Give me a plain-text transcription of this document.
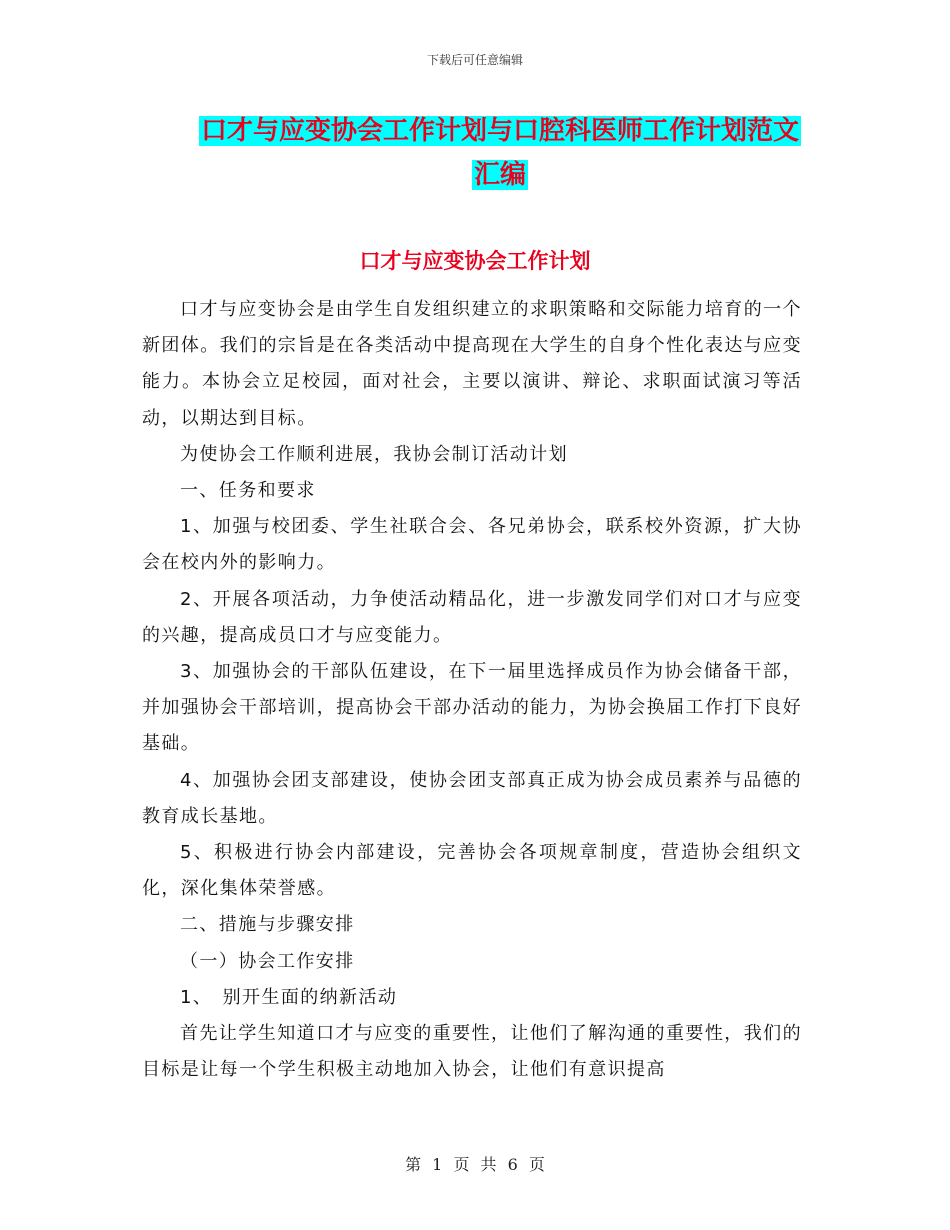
下载后可任意编辑
口才与应变协会工作计划与口腔科医师工作计划范文
汇编
口才与应变协会工作计划

口才与应变协会是由学生自发组织建立的求职策略和交际能力培育的一个新团体。我们的宗旨是在各类活动中提高现在大学生的自身个性化表达与应变能力。本协会立足校园，面对社会，主要以演讲、辩论、求职面试演习等活动，以期达到目标。

为使协会工作顺利进展，我协会制订活动计划

一、任务和要求

1、加强与校团委、学生社联合会、各兄弟协会，联系校外资源，扩大协会在校内外的影响力。

2、开展各项活动，力争使活动精品化，进一步激发同学们对口才与应变的兴趣，提高成员口才与应变能力。

3、加强协会的干部队伍建设，在下一届里选择成员作为协会储备干部，并加强协会干部培训，提高协会干部办活动的能力，为协会换届工作打下良好基础。

4、加强协会团支部建设，使协会团支部真正成为协会成员素养与品德的教育成长基地。

5、积极进行协会内部建设，完善协会各项规章制度，营造协会组织文化，深化集体荣誉感。

二、措施与步骤安排

（一）协会工作安排

1、　别开生面的纳新活动

首先让学生知道口才与应变的重要性，让他们了解沟通的重要性，我们的目标是让每一个学生积极主动地加入协会，让他们有意识提高

第 1 页 共 6 页
